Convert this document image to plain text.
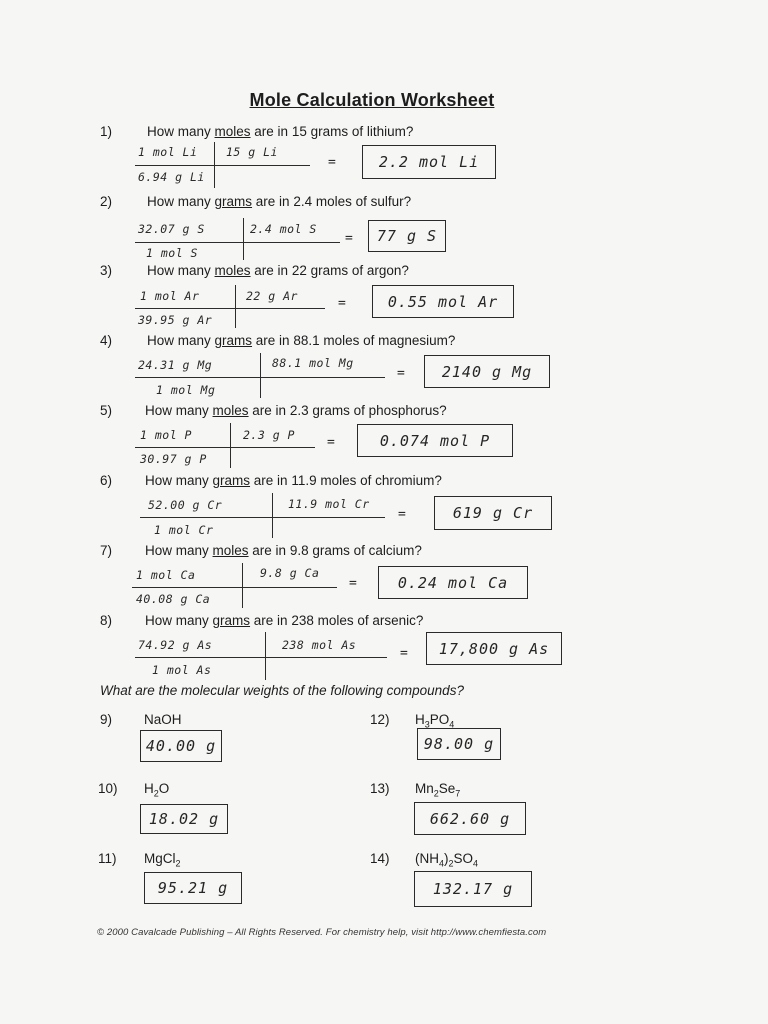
Mole Calculation Worksheet
1)	How many moles are in 15 grams of lithium?
1 mol Li
6.94 g Li
15 g Li
=	2.2 mol Li
2)	How many grams are in 2.4 moles of sulfur?
32.07 g S
1 mol S
2.4 mol S
=	77 g S
3)	How many moles are in 22 grams of argon?
1 mol Ar
39.95 g Ar
22 g Ar	=	0.55 mol Ar
4)	How many grams are in 88.1 moles of magnesium?
24.31 g Mg
1 mol Mg
88.1 mol Mg
=	2140 g Mg
5)	How many moles are in 2.3 grams of phosphorus?
1 mol P
30.97 g P
2.3 g P =	0.074 mol P
6)	How many grams are in 11.9 moles of chromium?
52.00 g Cr
1 mol Cr
11.9 mol Cr
=	619 g Cr
7)	How many moles are in 9.8 grams of calcium?
1 mol Ca
40.08 g Ca
9.8 g Ca
=	0.24 mol Ca
8)	How many grams are in 238 moles of arsenic?
74.92 g As
1 mol As
238 mol As
=	17,800 g As
What are the molecular weights of the following compounds?
9)	NaOH
40.00 g
10)	$H_2O$
18.02 g
11)	MgCl$_2$
95.21 g
12)	$H_3PO_4$
98.00 g
13)	$Mn_2Se_7$
662.60 g
14)	$(NH_4)_2SO_4$
132.17 g
© 2000 Cavalcade Publishing – All Rights Reserved. For chemistry help, visit http://www.chemfiesta.com
